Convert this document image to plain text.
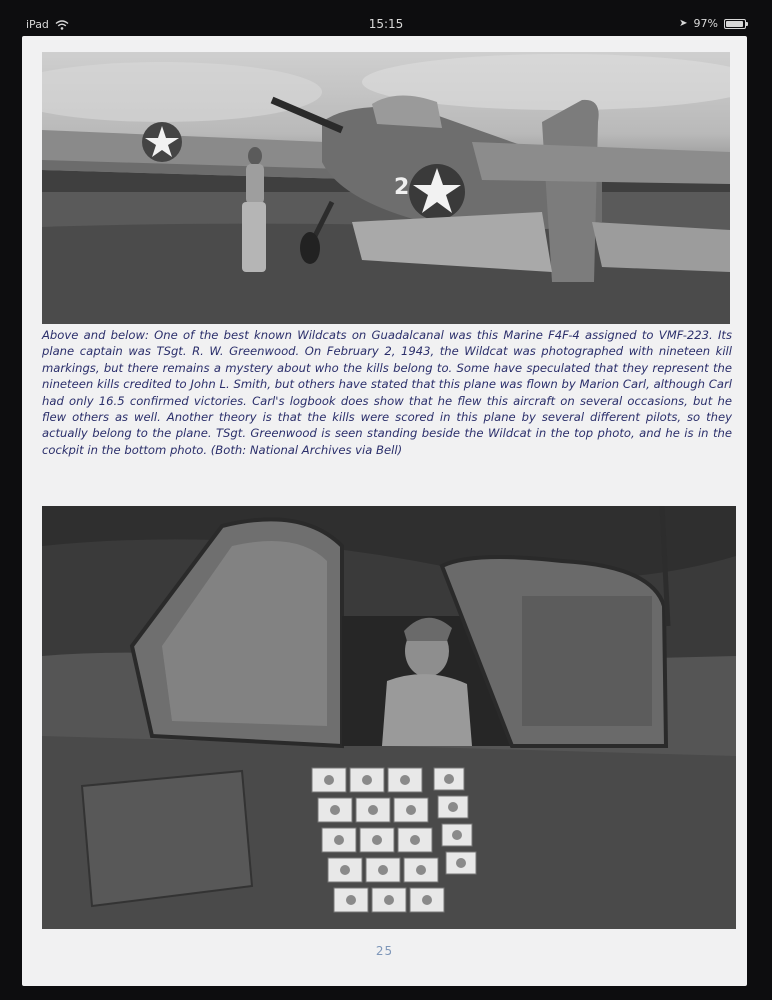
iPad	15:15	➤ 97%
2

Above and below: One of the best known Wildcats on Guadalcanal was this Marine F4F-4 assigned to VMF-223. Its plane captain was TSgt. R. W. Greenwood. On February 2, 1943, the Wildcat was photographed with nineteen kill markings, but there remains a mystery about who the kills belong to. Some have speculated that they represent the nineteen kills credited to John L. Smith, but others have stated that this plane was flown by Marion Carl, although Carl had only 16.5 confirmed victories. Carl's logbook does show that he flew this aircraft on several occasions, but he flew others as well. Another theory is that the kills were scored in this plane by several different pilots, so they actually belong to the plane. TSgt. Greenwood is seen standing beside the Wildcat in the top photo, and he is in the cockpit in the bottom photo. (Both: National Archives via Bell)

25
